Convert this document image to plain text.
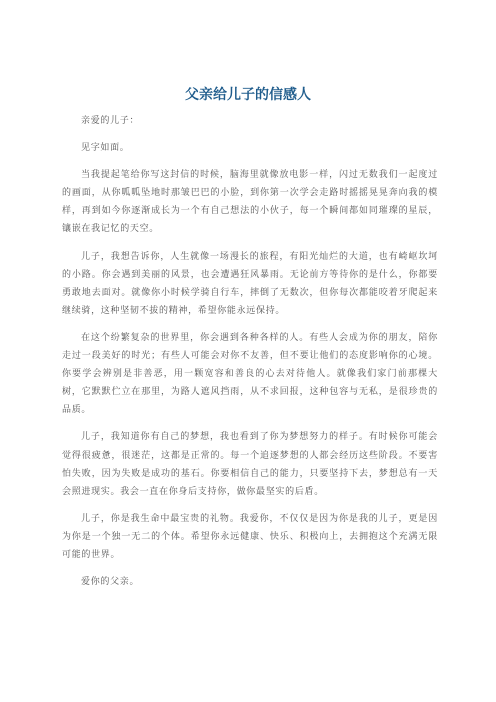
父亲给儿子的信感人

亲爱的儿子：

见字如面。

当我提起笔给你写这封信的时候，脑海里就像放电影一样，闪过无数我们一起度过的画面，从你呱呱坠地时那皱巴巴的小脸，到你第一次学会走路时摇摇晃晃奔向我的模样，再到如今你逐渐成长为一个有自己想法的小伙子，每一个瞬间都如同璀璨的星辰，镶嵌在我记忆的天空。

儿子，我想告诉你，人生就像一场漫长的旅程，有阳光灿烂的大道，也有崎岖坎坷的小路。你会遇到美丽的风景，也会遭遇狂风暴雨。无论前方等待你的是什么，你都要勇敢地去面对。就像你小时候学骑自行车，摔倒了无数次，但你每次都能咬着牙爬起来继续骑，这种坚韧不拔的精神，希望你能永远保持。

在这个纷繁复杂的世界里，你会遇到各种各样的人。有些人会成为你的朋友，陪你走过一段美好的时光；有些人可能会对你不友善，但不要让他们的态度影响你的心境。你要学会辨别是非善恶，用一颗宽容和善良的心去对待他人。就像我们家门前那棵大树，它默默伫立在那里，为路人遮风挡雨，从不求回报，这种包容与无私，是很珍贵的品质。

儿子，我知道你有自己的梦想，我也看到了你为梦想努力的样子。有时候你可能会觉得很疲惫，很迷茫，这都是正常的。每一个追逐梦想的人都会经历这些阶段。不要害怕失败，因为失败是成功的基石。你要相信自己的能力，只要坚持下去，梦想总有一天会照进现实。我会一直在你身后支持你，做你最坚实的后盾。

儿子，你是我生命中最宝贵的礼物。我爱你，不仅仅是因为你是我的儿子，更是因为你是一个独一无二的个体。希望你永远健康、快乐、积极向上，去拥抱这个充满无限可能的世界。

爱你的父亲。
